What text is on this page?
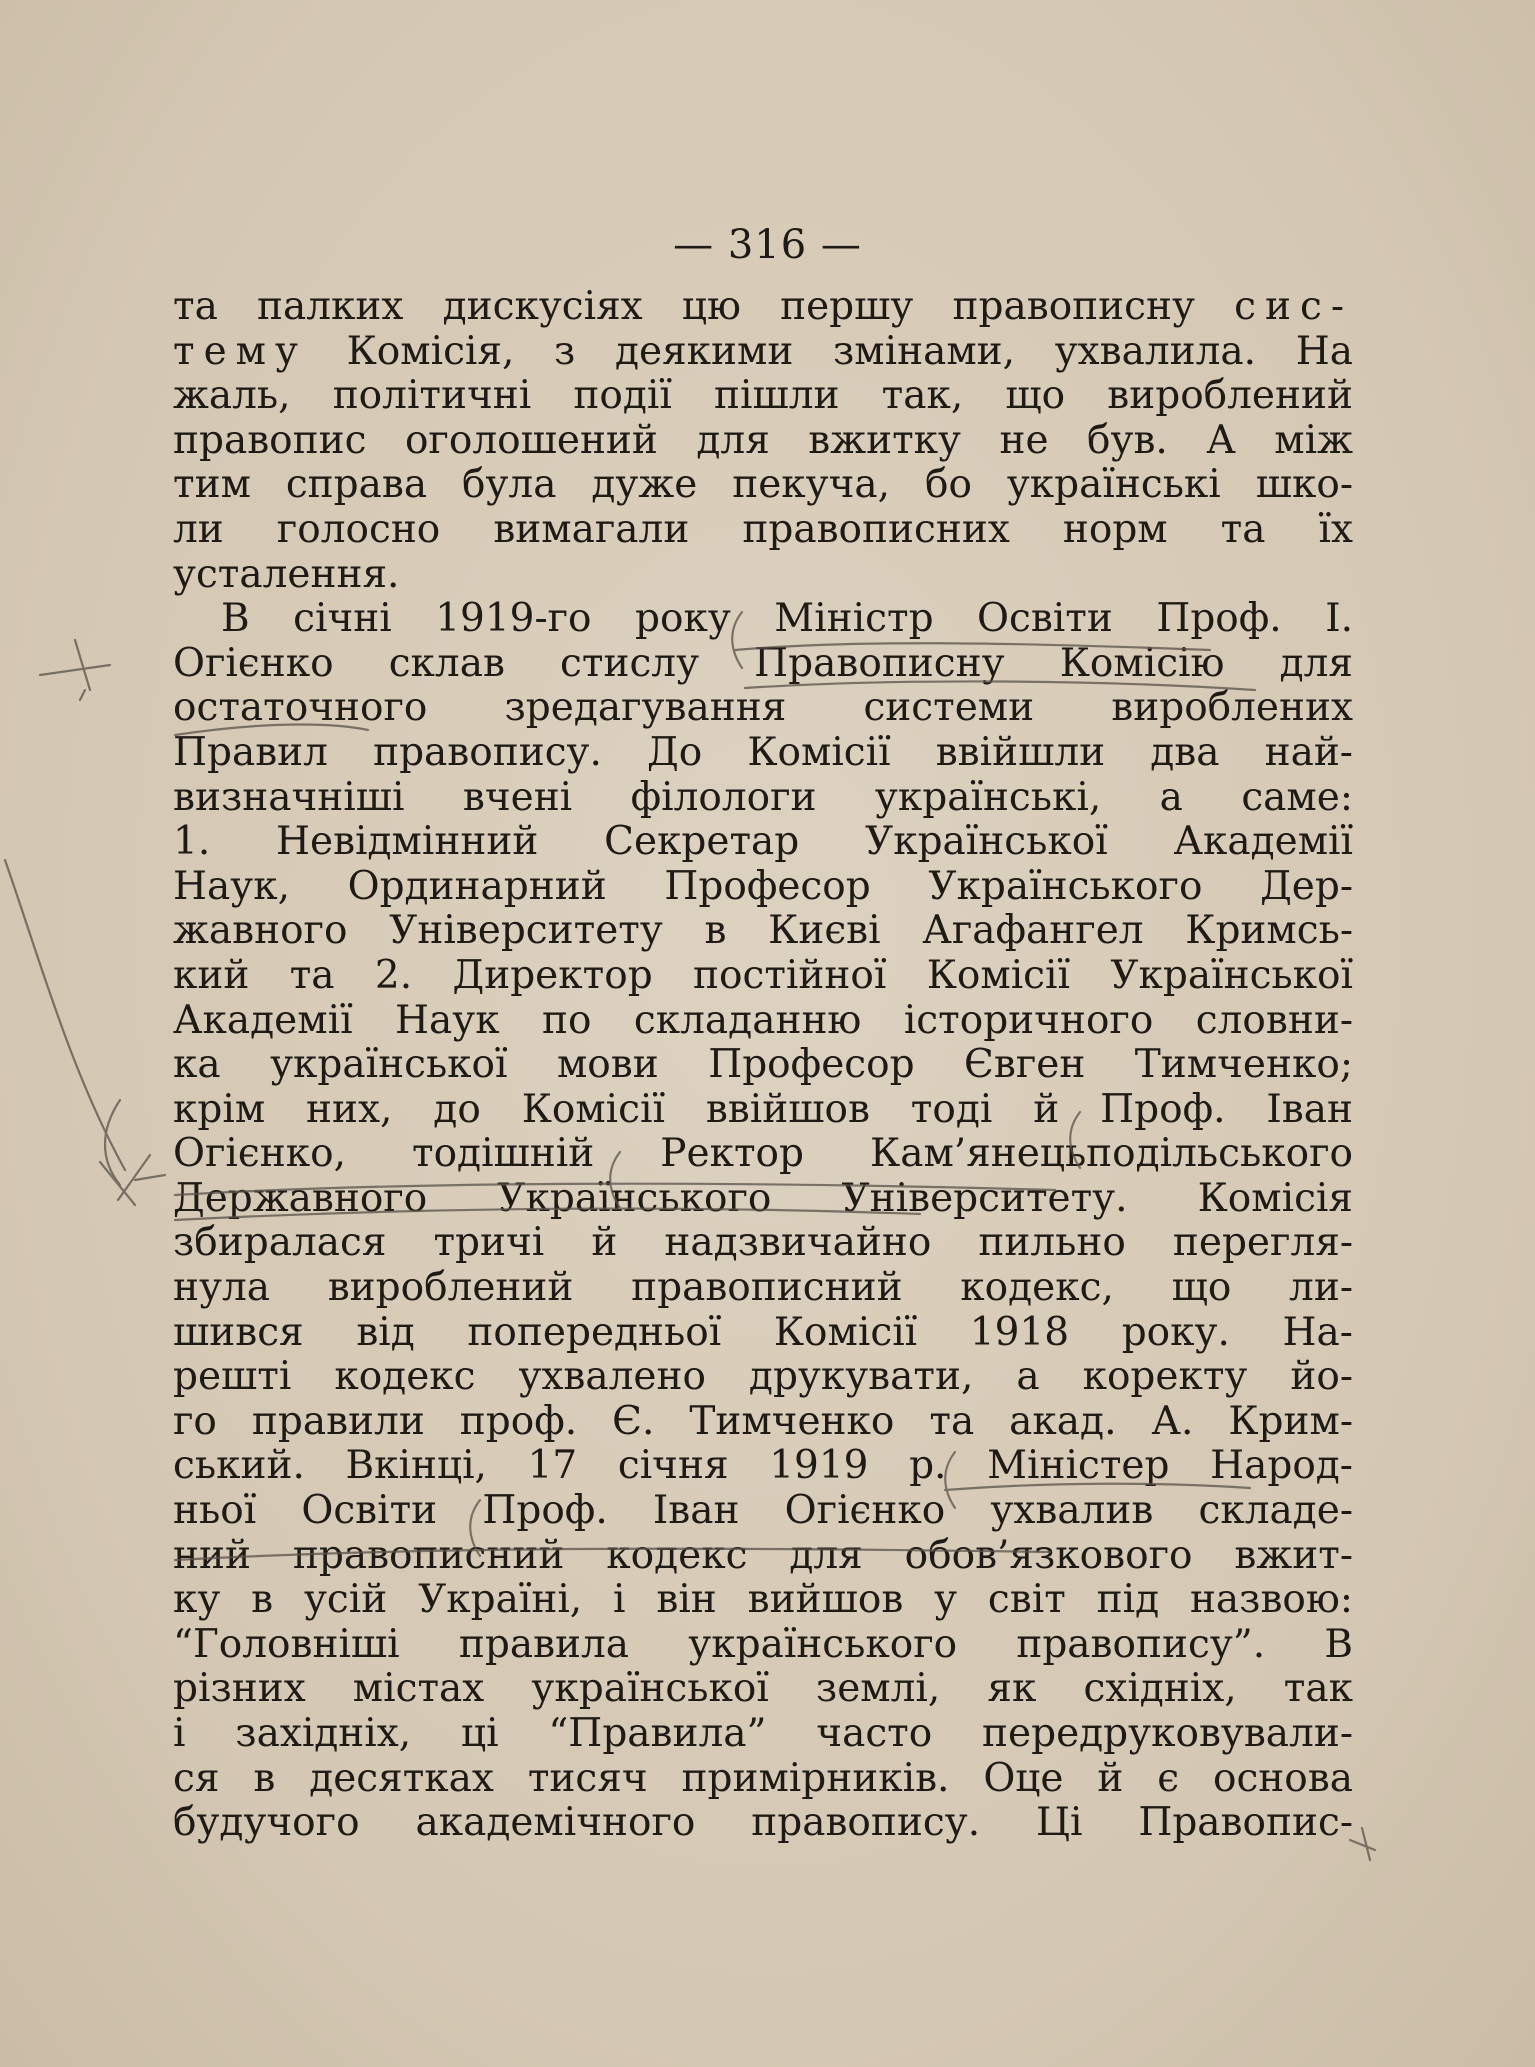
— 316 —
та палких дискусіях цю першу правописну сис-
тему Комісія, з деякими змінами, ухвалила. На
жаль, політичні події пішли так, що вироблений
правопис оголошений для вжитку не був. А між
тим справа була дуже пекуча, бо українські шко-
ли голосно вимагали правописних норм та їх
усталення.
В січні 1919-го року Міністр Освіти Проф. І.
Огієнко склав стислу Правописну Комісію для
остаточного зредагування системи вироблених
Правил правопису. До Комісії ввійшли два най-
визначніші вчені філологи українські, а саме:
1. Невідмінний Секретар Української Академії
Наук, Ординарний Професор Українського Дер-
жавного Університету в Києві Агафангел Кримсь-
кий та 2. Директор постійної Комісії Української
Академії Наук по складанню історичного словни-
ка української мови Професор Євген Тимченко;
крім них, до Комісії ввійшов тоді й Проф. Іван
Огієнко, тодішній Ректор Кам’янецьподільського
Державного Українського Університету. Комісія
збиралася тричі й надзвичайно пильно перегля-
нула вироблений правописний кодекс, що ли-
шився від попередньої Комісії 1918 року. На-
решті кодекс ухвалено друкувати, а коректу йо-
го правили проф. Є. Тимченко та акад. А. Крим-
ський. Вкінці, 17 січня 1919 р. Міністер Народ-
ньої Освіти Проф. Іван Огієнко ухвалив складе-
ний правописний кодекс для обов’язкового вжит-
ку в усій Україні, і він вийшов у світ під назвою:
“Головніші правила українського правопису”. В
різних містах української землі, як східніх, так
і західніх, ці “Правила” часто передруковували-
ся в десятках тисяч примірників. Оце й є основа
будучого академічного правопису. Ці Правопис-
